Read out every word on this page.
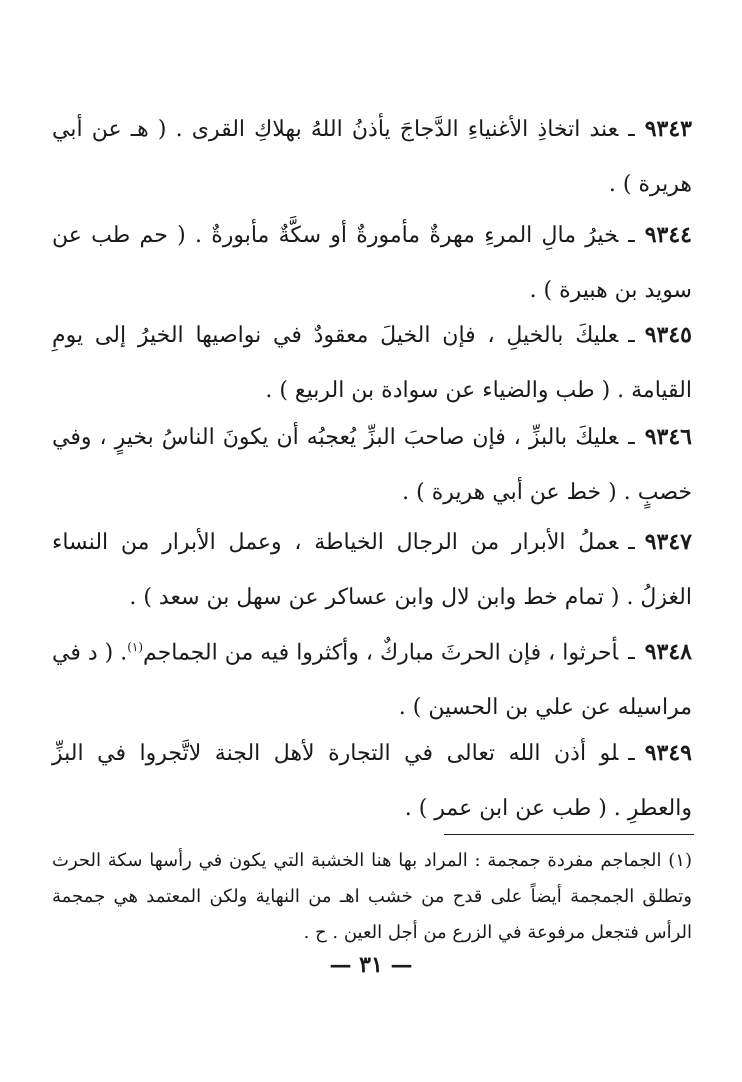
٩٣٤٣ـعند اتخاذِ الأغنياءِ الدَّجاجَ يأذنُ اللهُ بهلاكِ القرى . ( هـ عن أبي هريرة ) .
٩٣٤٤ـخيرُ مالِ المرءِ مهرةٌ مأمورةٌ أو سكَّةٌ مأبورةٌ . ( حم طب عن سويد بن هبيرة ) .
٩٣٤٥ـعليكَ بالخيلِ ، فإن الخيلَ معقودٌ في نواصيها الخيرُ إلى يومِ القيامة . ( طب والضياء عن سوادة بن الربيع ) .
٩٣٤٦ـعليكَ بالبزِّ ، فإن صاحبَ البزِّ يُعجبُه أن يكونَ الناسُ بخيرٍ ، وفي خصبٍ . ( خط عن أبي هريرة ) .
٩٣٤٧ـعملُ الأبرار من الرجال الخياطة ، وعمل الأبرار من النساء الغزلُ . ( تمام خط وابن لال وابن عساكر عن سهل بن سعد ) .
٩٣٤٨ـأحرثوا ، فإن الحرثَ مباركٌ ، وأكثروا فيه من الجماجم$^{(١)}$. ( د في مراسيله عن علي بن الحسين ) .
٩٣٤٩ـلو أذن الله تعالى في التجارة لأهل الجنة لاتَّجروا في البزِّ والعطرِ . ( طب عن ابن عمر ) .
(١) الجماجم مفردة جمجمة : المراد بها هنا الخشبة التي يكون في رأسها سكة الحرث وتطلق الجمجمة أيضاً على قدح من خشب اهـ من النهاية ولكن المعتمد هي جمجمة الرأس فتجعل مرفوعة في الزرع من أجل العين . ح .
— ٣١ —
